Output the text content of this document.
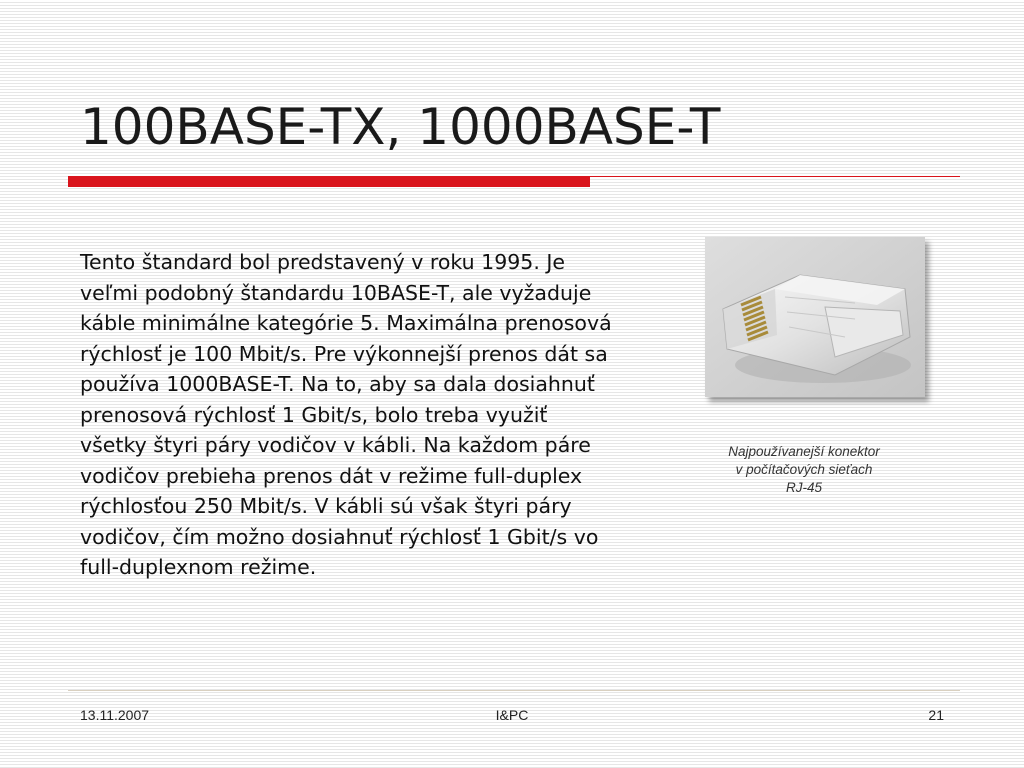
100BASE-TX, 1000BASE-T
Tento štandard bol predstavený v roku 1995. Je veľmi podobný štandardu 10BASE-T, ale vyžaduje káble minimálne kategórie 5. Maximálna prenosová rýchlosť je 100 Mbit/s. Pre výkonnejší prenos dát sa používa 1000BASE-T. Na to, aby sa dala dosiahnuť prenosová rýchlosť 1 Gbit/s, bolo treba využiť všetky štyri páry vodičov v kábli. Na každom páre vodičov prebieha prenos dát v režime full-duplex rýchlosťou 250 Mbit/s. V kábli sú však štyri páry vodičov, čím možno dosiahnuť rýchlosť 1 Gbit/s vo full-duplexnom režime.
Najpoužívanejší konektor
v počítačových sieťach
RJ-45
13.11.2007	I&PC	21
